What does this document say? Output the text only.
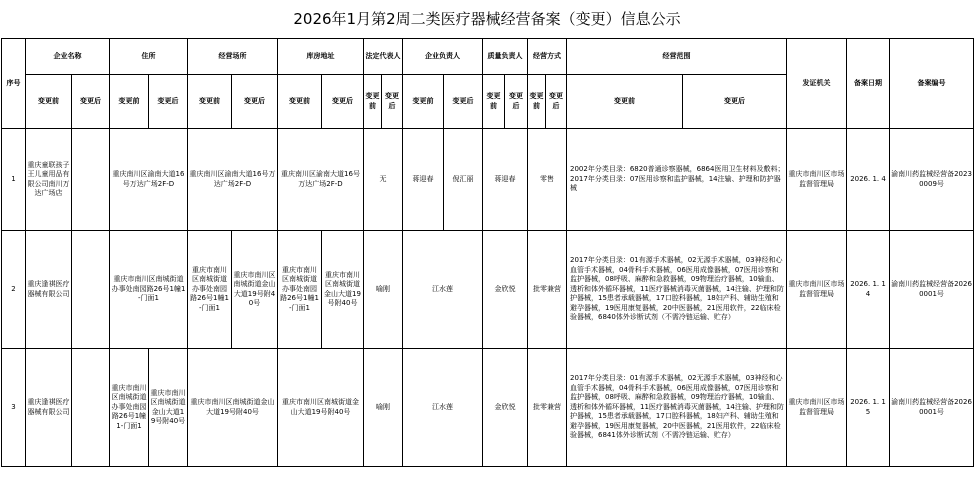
2026年1月第2周二类医疗器械经营备案（变更）信息公示
序号	企业名称		住所		经营场所		库房地址		法定代表人		企业负责人		质量负责人		经营方式		经营范围		发证机关	备案日期	备案编号
	变更前	变更后	变更前	变更后	变更前	变更后	变更前	变更后	变更前	变更后	变更前	变更后	变更前	变更后	变更前	变更后	变更前	变更后			
1	重庆童联孩子王儿童用品有限公司南川万达广场店		重庆南川区渝南大道16号万达广场2F-D		重庆南川区渝南大道16号万达广场2F-D		重庆南川区渝南大道16号万达广场2F-D		无		蒋迎春	倪汇丽	蒋迎春		零售		2002年分类目录：6820普通诊察器械，6864医用卫生材料及敷料；2017年分类目录：07医用诊察和监护器械，14注输、护理和防护器械		重庆市南川区市场监督管理局	2026. 1. 4	渝南川药监械经营备20230009号
2	重庆逢祺医疗器械有限公司		重庆市南川区南城街道办事处南园路26号1幢1-门面1		重庆市南川区南城街道办事处南园路26号1幢1-门面1	重庆市南川区南城街道金山大道19号附40号	重庆市南川区南城街道办事处南园路26号1幢1-门面1	重庆市南川区南城街道金山大道19号附40号	喻刚		江水莲		金欣悦		批零兼营		2017年分类目录：01有源手术器械，02无源手术器械，03神经和心血管手术器械，04骨科手术器械，06医用成像器械，07医用诊察和监护器械，08呼吸、麻醉和急救器械，09物理治疗器械，10输血、透析和体外循环器械，11医疗器械消毒灭菌器械，14注输、护理和防护器械，15患者承载器械，17口腔科器械，18妇产科、辅助生殖和避孕器械，19医用康复器械，20中医器械，21医用软件，22临床检验器械，6840体外诊断试剂（不需冷链运输、贮存）		重庆市南川区市场监督管理局	2026. 1. 14	渝南川药监械经营备20260001号
3	重庆逢祺医疗器械有限公司		重庆市南川区南城街道办事处南园路26号1幢1-门面1	重庆市南川区南城街道金山大道19号附40号	重庆市南川区南城街道金山大道19号附40号		重庆市南川区南城街道金山大道19号附40号		喻刚		江水莲		金欣悦		批零兼营		2017年分类目录：01有源手术器械，02无源手术器械，03神经和心血管手术器械，04骨科手术器械，06医用成像器械，07医用诊察和监护器械，08呼吸、麻醉和急救器械，09物理治疗器械，10输血、透析和体外循环器械，11医疗器械消毒灭菌器械，14注输、护理和防护器械，15患者承载器械，17口腔科器械，18妇产科、辅助生殖和避孕器械，19医用康复器械，20中医器械，21医用软件，22临床检验器械，6841体外诊断试剂（不需冷链运输、贮存）		重庆市南川区市场监督管理局	2026. 1. 15	渝南川药监械经营备20260001号
